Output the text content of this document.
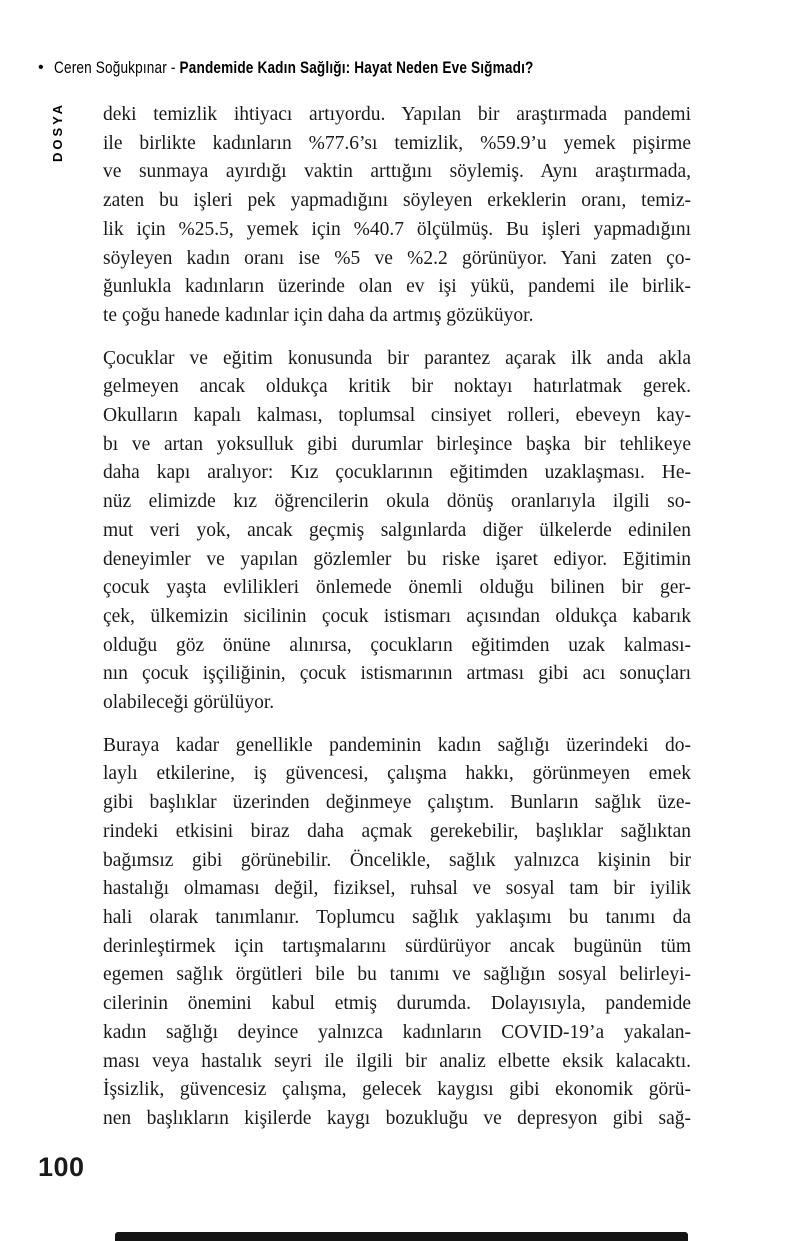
• Ceren Soğukpınar - Pandemide Kadın Sağlığı: Hayat Neden Eve Sığmadı?
DOSYA deki temizlik ihtiyacı artıyordu. Yapılan bir araştırmada pandemi
ile birlikte kadınların %77.6’sı temizlik, %59.9’u yemek pişirme
ve sunmaya ayırdığı vaktin arttığını söylemiş. Aynı araştırmada,
zaten bu işleri pek yapmadığını söyleyen erkeklerin oranı, temiz-
lik için %25.5, yemek için %40.7 ölçülmüş. Bu işleri yapmadığını
söyleyen kadın oranı ise %5 ve %2.2 görünüyor. Yani zaten ço-
ğunlukla kadınların üzerinde olan ev işi yükü, pandemi ile birlik-
te çoğu hanede kadınlar için daha da artmış gözüküyor.
Çocuklar ve eğitim konusunda bir parantez açarak ilk anda akla
gelmeyen ancak oldukça kritik bir noktayı hatırlatmak gerek.
Okulların kapalı kalması, toplumsal cinsiyet rolleri, ebeveyn kay-
bı ve artan yoksulluk gibi durumlar birleşince başka bir tehlikeye
daha kapı aralıyor: Kız çocuklarının eğitimden uzaklaşması. He-
nüz elimizde kız öğrencilerin okula dönüş oranlarıyla ilgili so-
mut veri yok, ancak geçmiş salgınlarda diğer ülkelerde edinilen
deneyimler ve yapılan gözlemler bu riske işaret ediyor. Eğitimin
çocuk yaşta evlilikleri önlemede önemli olduğu bilinen bir ger-
çek, ülkemizin sicilinin çocuk istismarı açısından oldukça kabarık
olduğu göz önüne alınırsa, çocukların eğitimden uzak kalması-
nın çocuk işçiliğinin, çocuk istismarının artması gibi acı sonuçları
olabileceği görülüyor.
Buraya kadar genellikle pandeminin kadın sağlığı üzerindeki do-
laylı etkilerine, iş güvencesi, çalışma hakkı, görünmeyen emek
gibi başlıklar üzerinden değinmeye çalıştım. Bunların sağlık üze-
rindeki etkisini biraz daha açmak gerekebilir, başlıklar sağlıktan
bağımsız gibi görünebilir. Öncelikle, sağlık yalnızca kişinin bir
hastalığı olmaması değil, fiziksel, ruhsal ve sosyal tam bir iyilik
hali olarak tanımlanır. Toplumcu sağlık yaklaşımı bu tanımı da
derinleştirmek için tartışmalarını sürdürüyor ancak bugünün tüm
egemen sağlık örgütleri bile bu tanımı ve sağlığın sosyal belirleyi-
cilerinin önemini kabul etmiş durumda. Dolayısıyla, pandemide
kadın sağlığı deyince yalnızca kadınların COVID-19’a yakalan-
ması veya hastalık seyri ile ilgili bir analiz elbette eksik kalacaktı.
İşsizlik, güvencesiz çalışma, gelecek kaygısı gibi ekonomik görü-
nen başlıkların kişilerde kaygı bozukluğu ve depresyon gibi sağ-
100
